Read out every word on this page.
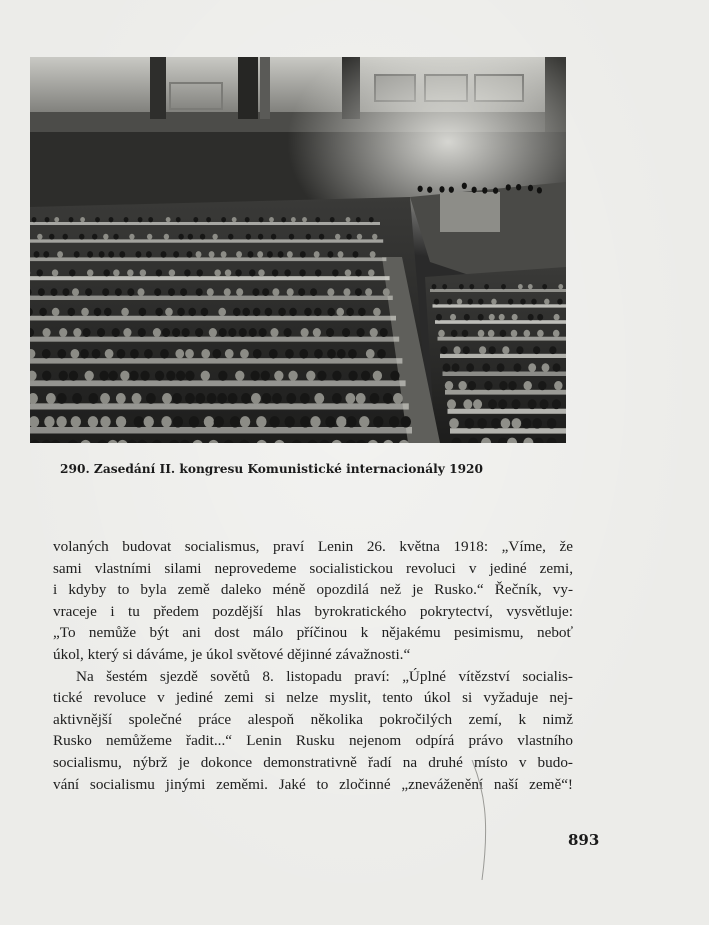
290. Zasedání II. kongresu Komunistické internacionály 1920
volaných budovat socialismus, praví Lenin 26. května 1918: „Víme, že
sami vlastními silami neprovedeme socialistickou revoluci v jediné zemi,
i kdyby to byla země daleko méně opozdilá než je Rusko.“ Řečník, vy-
vraceje i tu předem pozdější hlas byrokratického pokrytectví, vysvětluje:
„To nemůže být ani dost málo příčinou k nějakému pesimismu, neboť
úkol, který si dáváme, je úkol světové dějinné závažnosti.“
Na šestém sjezdě sovětů 8. listopadu praví: „Úplné vítězství socialis-
tické revoluce v jediné zemi si nelze myslit, tento úkol si vyžaduje nej-
aktivnější společné práce alespoň několika pokročilých zemí, k nimž
Rusko nemůžeme řadit...“ Lenin Rusku nejenom odpírá právo vlastního
socialismu, nýbrž je dokonce demonstrativně řadí na druhé místo v budo-
vání socialismu jinými zeměmi. Jaké to zločinné „zneváženění naší země“!
893
